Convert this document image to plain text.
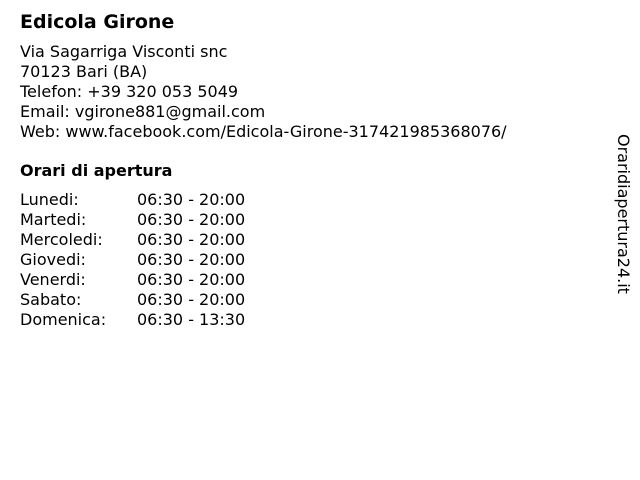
Edicola Girone
Via Sagarriga Visconti snc
70123 Bari (BA)
Telefon: +39 320 053 5049
Email: vgirone881@gmail.com
Web: www.facebook.com/Edicola-Girone-317421985368076/
Orari di apertura
Lunedi:	06:30 - 20:00
Martedi:	06:30 - 20:00
Mercoledi:	06:30 - 20:00
Giovedi:	06:30 - 20:00
Venerdi:	06:30 - 20:00
Sabato:	06:30 - 20:00
Domenica:	06:30 - 13:30
Oraridiapertura24.it
